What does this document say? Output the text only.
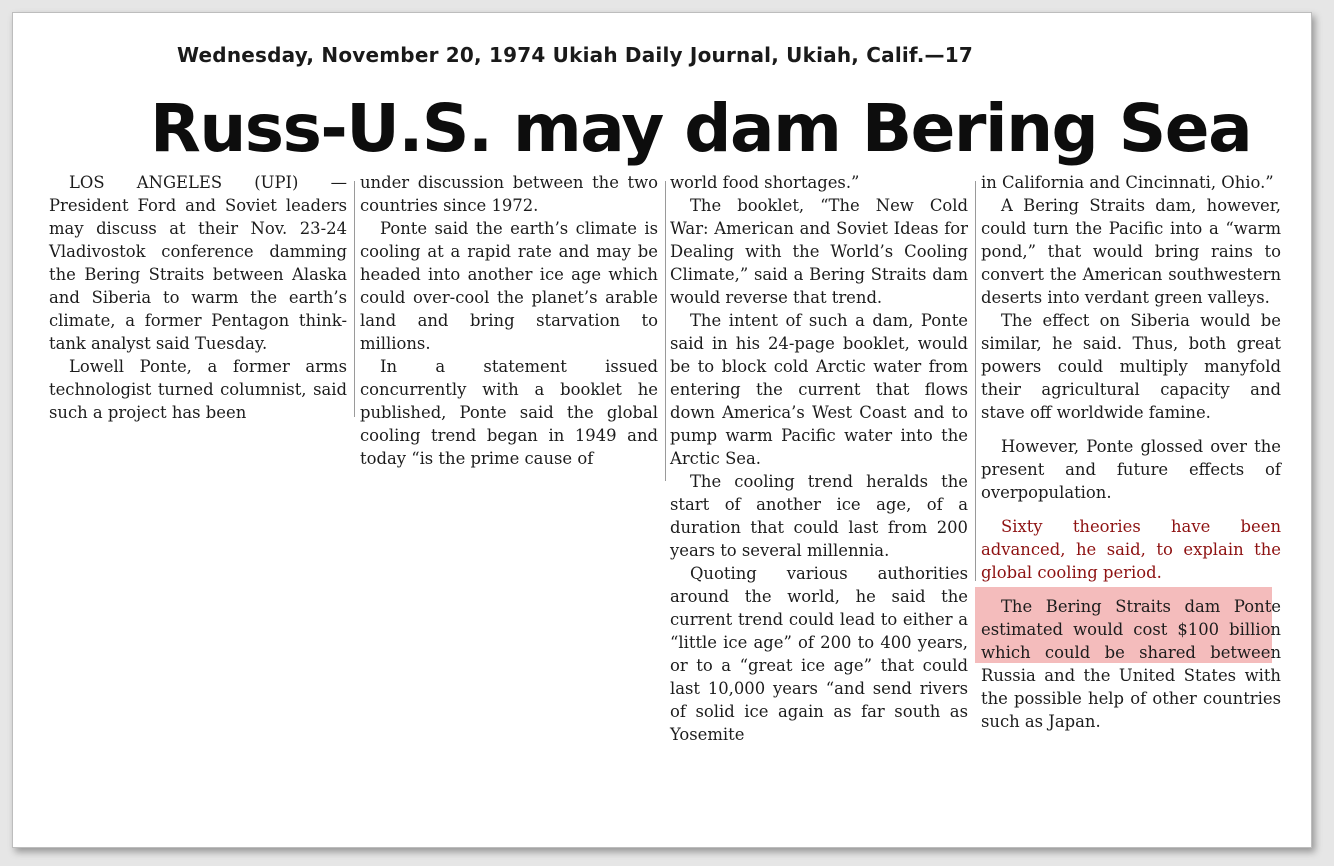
Wednesday, November 20, 1974 Ukiah Daily Journal, Ukiah, Calif.—17
Russ-U.S. may dam Bering Sea

LOS ANGELES (UPI) — President Ford and Soviet leaders may discuss at their Nov. 23-24 Vladivostok conference damming the Bering Straits between Alaska and Siberia to warm the earth’s climate, a former Pentagon think-tank analyst said Tuesday.

Lowell Ponte, a former arms technologist turned columnist, said such a project has been

under discussion between the two countries since 1972.

Ponte said the earth’s climate is cooling at a rapid rate and may be headed into another ice age which could over-cool the planet’s arable land and bring starvation to millions.

In a statement issued concurrently with a booklet he published, Ponte said the global cooling trend began in 1949 and today “is the prime cause of

world food shortages.”

The booklet, “The New Cold War: American and Soviet Ideas for Dealing with the World’s Cooling Climate,” said a Bering Straits dam would reverse that trend.

The intent of such a dam, Ponte said in his 24-page booklet, would be to block cold Arctic water from entering the current that flows down America’s West Coast and to pump warm Pacific water into the Arctic Sea.

The cooling trend heralds the start of another ice age, of a duration that could last from 200 years to several millennia.

Quoting various authorities around the world, he said the current trend could lead to either a “little ice age” of 200 to 400 years, or to a “great ice age” that could last 10,000 years “and send rivers of solid ice again as far south as Yosemite

in California and Cincinnati, Ohio.”

A Bering Straits dam, however, could turn the Pacific into a “warm pond,” that would bring rains to convert the American southwestern deserts into verdant green valleys.

The effect on Siberia would be similar, he said. Thus, both great powers could multiply manyfold their agricultural capacity and stave off worldwide famine.

However, Ponte glossed over the present and future effects of overpopulation.

Sixty theories have been advanced, he said, to explain the global cooling period.

The Bering Straits dam Ponte estimated would cost $100 billion which could be shared between Russia and the United States with the possible help of other countries such as Japan.
